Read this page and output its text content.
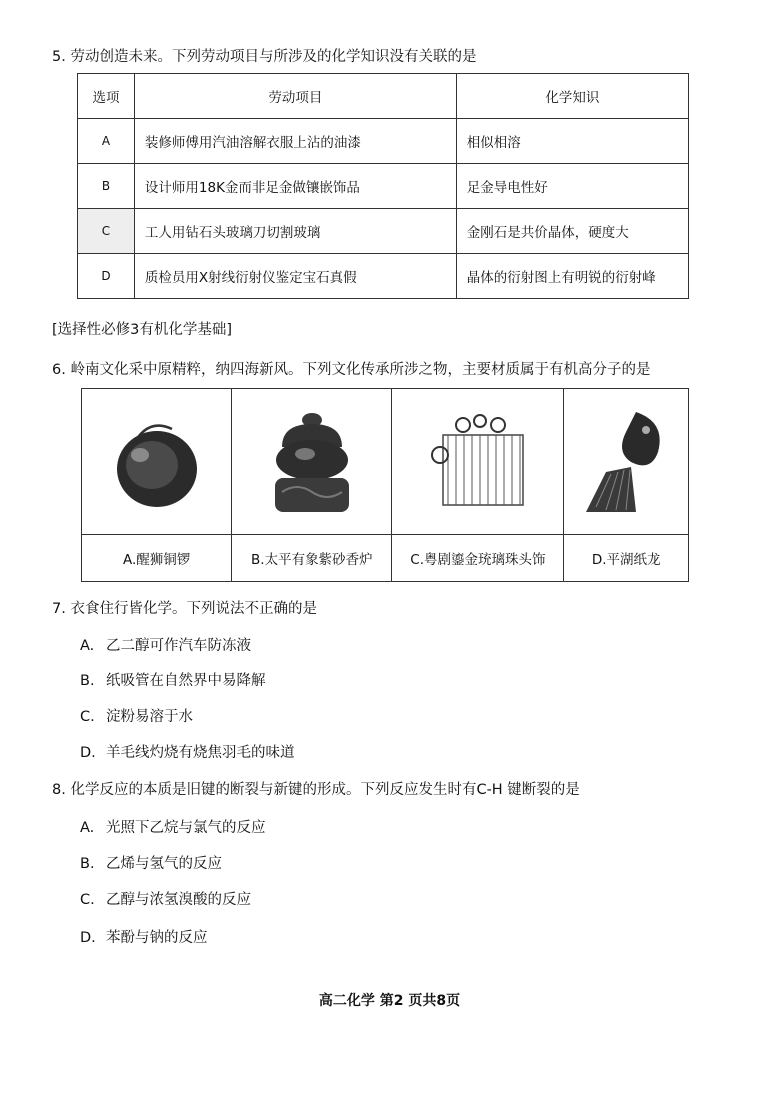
5. 劳动创造未来。下列劳动项目与所涉及的化学知识没有关联的是
选项	劳动项目	化学知识
A	装修师傅用汽油溶解衣服上沾的油漆	相似相溶
B	设计师用18K金而非足金做镶嵌饰品	足金导电性好
C	工人用钻石头玻璃刀切割玻璃	金刚石是共价晶体，硬度大
D	质检员用X射线衍射仪鉴定宝石真假	晶体的衍射图上有明锐的衍射峰
[选择性必修3有机化学基础]
6. 岭南文化采中原精粹，纳四海新风。下列文化传承所涉之物，主要材质属于有机高分子的是

A.醒狮铜锣	B.太平有象紫砂香炉	C.粤剧鎏金珫璃珠头饰	D.平湖纸龙
7. 衣食住行皆化学。下列说法不正确的是
A. 乙二醇可作汽车防冻液
B. 纸吸管在自然界中易降解
C. 淀粉易溶于水
D. 羊毛线灼烧有烧焦羽毛的味道
8. 化学反应的本质是旧键的断裂与新键的形成。下列反应发生时有C-H 键断裂的是
A. 光照下乙烷与氯气的反应
B. 乙烯与氢气的反应
C. 乙醇与浓氢溴酸的反应
D. 苯酚与钠的反应
高二化学 第2 页共8页
